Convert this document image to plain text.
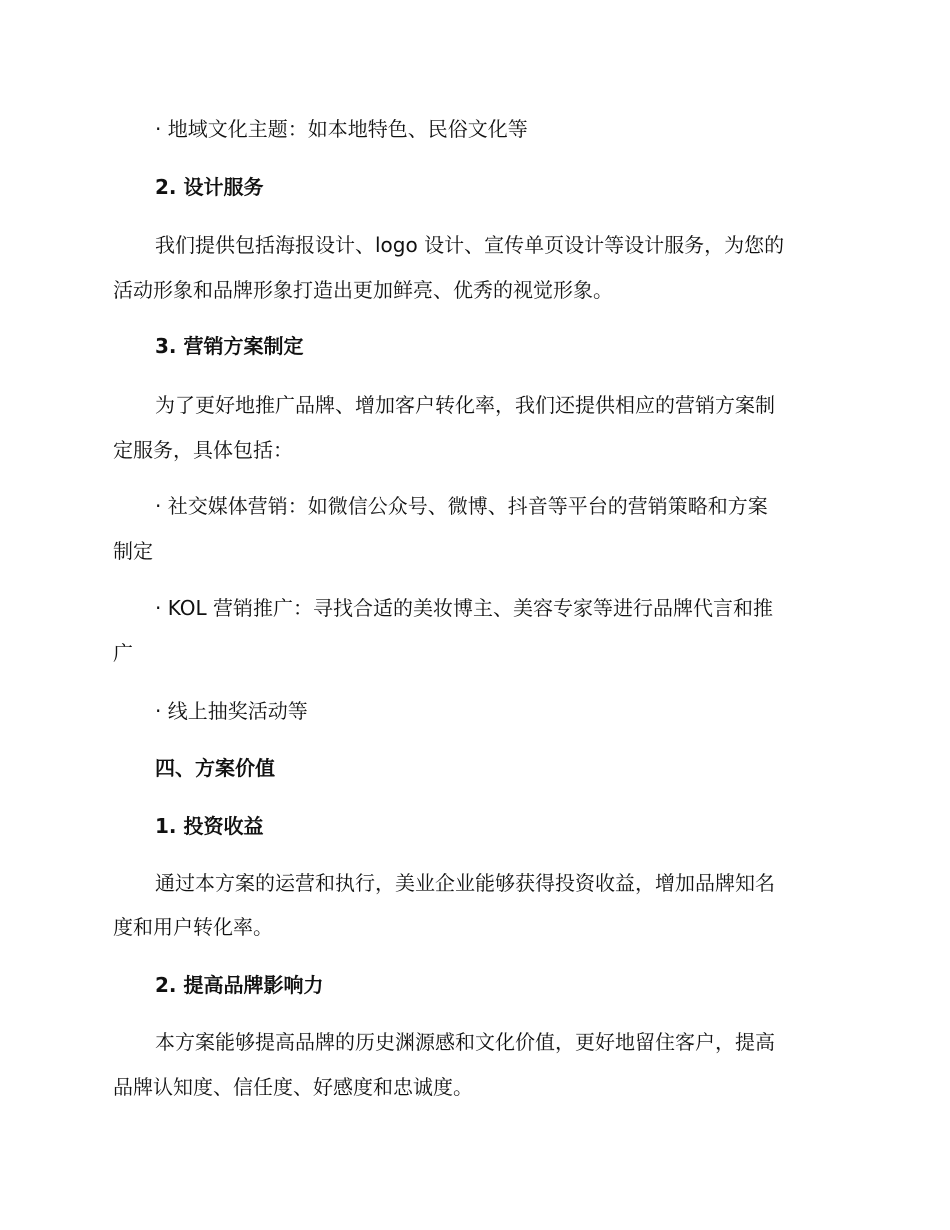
· 地域文化主题：如本地特色、民俗文化等
2. 设计服务
我们提供包括海报设计、logo 设计、宣传单页设计等设计服务，为您的
活动形象和品牌形象打造出更加鲜亮、优秀的视觉形象。
3. 营销方案制定
为了更好地推广品牌、增加客户转化率，我们还提供相应的营销方案制
定服务，具体包括：
· 社交媒体营销：如微信公众号、微博、抖音等平台的营销策略和方案
制定
· KOL 营销推广：寻找合适的美妆博主、美容专家等进行品牌代言和推
广
· 线上抽奖活动等
四、方案价值
1. 投资收益
通过本方案的运营和执行，美业企业能够获得投资收益，增加品牌知名
度和用户转化率。
2. 提高品牌影响力
本方案能够提高品牌的历史渊源感和文化价值，更好地留住客户，提高
品牌认知度、信任度、好感度和忠诚度。
